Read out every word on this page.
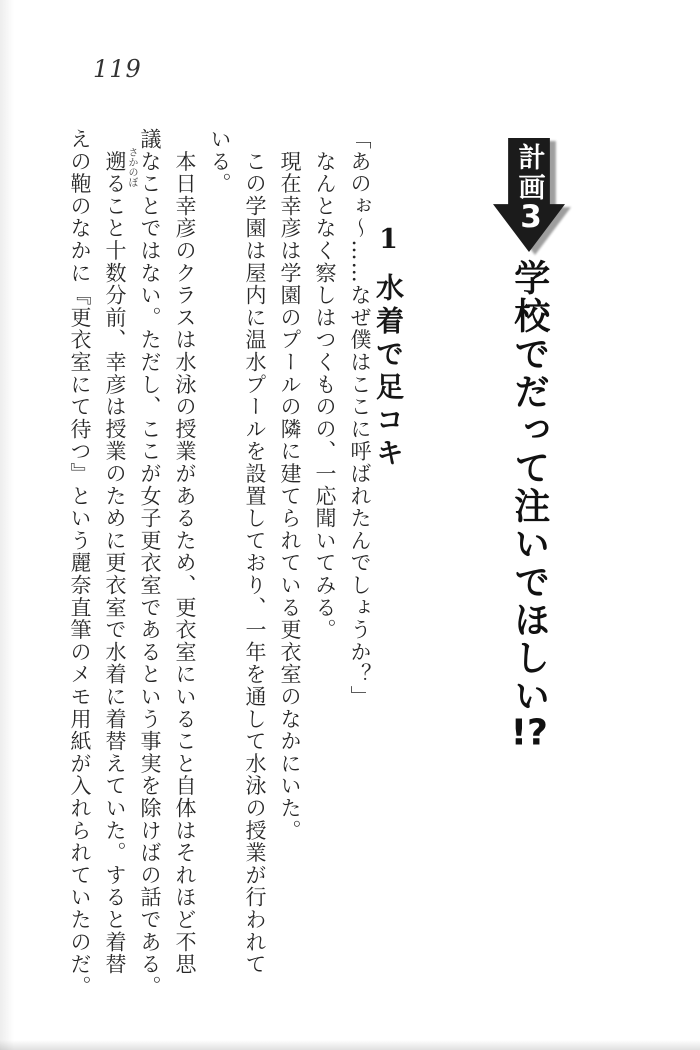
119
計画
3
学校でだって注いでほしい!?
1水着で足コキ

「あのぉ〜……なぜ僕はここに呼ばれたんでしょうか？」

　なんとなく察しはつくものの、一応聞いてみる。

　現在幸彦は学園のプールの隣に建てられている更衣室のなかにいた。

　この学園は屋内に温水プールを設置しており、一年を通して水泳の授業が行われて

いる。

　本日幸彦のクラスは水泳の授業があるため、更衣室にいること自体はそれほど不思

議なことではない。ただし、ここが女子更衣室であるという事実を除けばの話である。

　遡ること十数分前、幸彦は授業のために更衣室で水着に着替えていた。すると着替

えの鞄のなかに『更衣室にて待つ』という麗奈直筆のメモ用紙が入れられていたのだ。	さかのぼ
